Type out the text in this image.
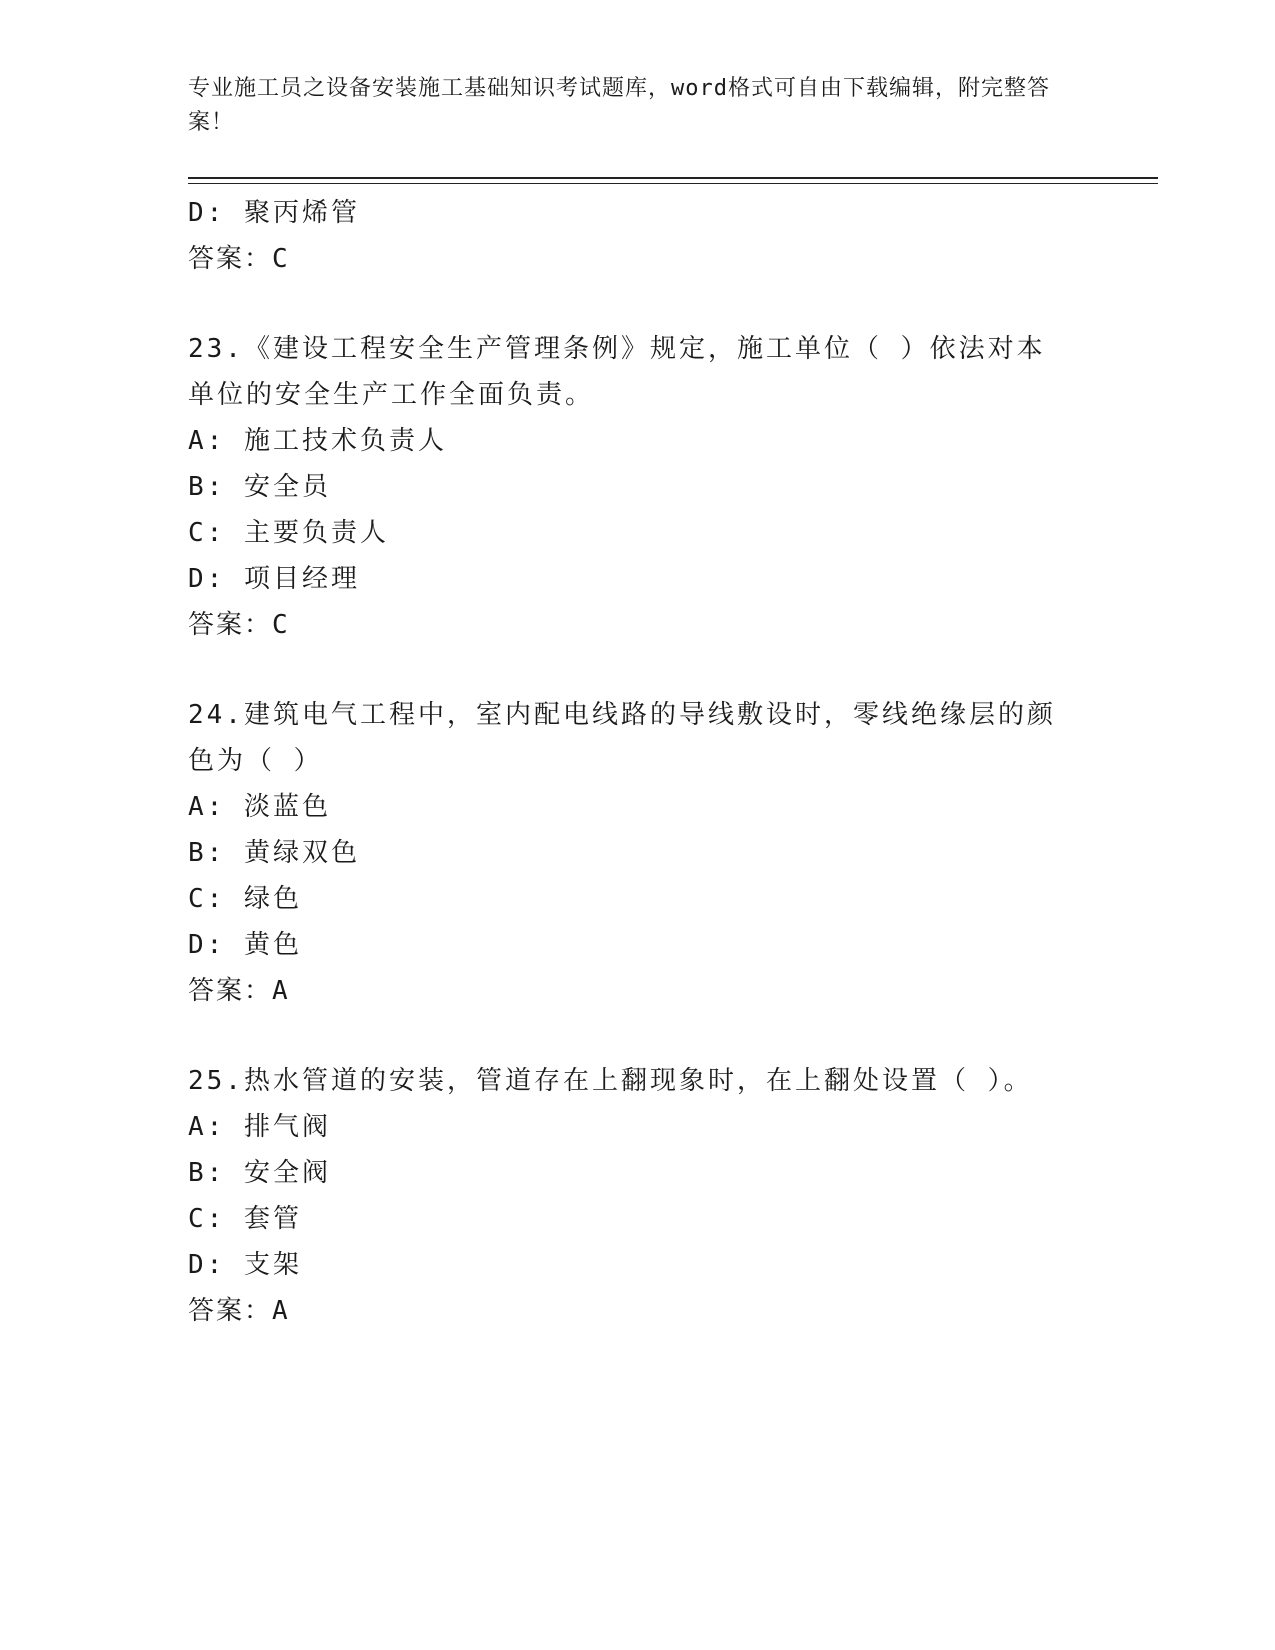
专业施工员之设备安装施工基础知识考试题库，word格式可自由下载编辑，附完整答案！
D: 聚丙烯管
答案：C
23.《建设工程安全生产管理条例》规定，施工单位（ ）依法对本单位的安全生产工作全面负责。
A: 施工技术负责人
B: 安全员
C: 主要负责人
D: 项目经理
答案：C
24.建筑电气工程中，室内配电线路的导线敷设时，零线绝缘层的颜色为（ ）
A: 淡蓝色
B: 黄绿双色
C: 绿色
D: 黄色
答案：A
25.热水管道的安装，管道存在上翻现象时，在上翻处设置（ ）。
A: 排气阀
B: 安全阀
C: 套管
D: 支架
答案：A
